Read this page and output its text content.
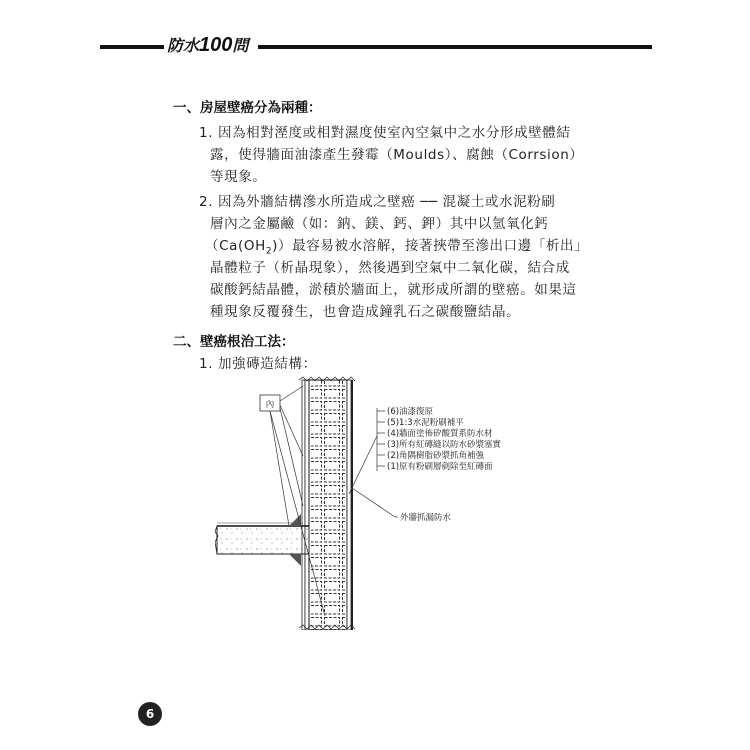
防水100問
一、房屋壁癌分為兩種：
1. 因為相對溼度或相對濕度使室內空氣中之水分形成壁體結
露，使得牆面油漆產生發霉（Moulds）、腐蝕（Corrsion）
等現象。
2. 因為外牆結構滲水所造成之壁癌 ── 混凝土或水泥粉刷
層內之金屬鹼（如：鈉、鎂、鈣、鉀）其中以氫氧化鈣
$(Ca(OH_2))$最容易被水溶解，接著挾帶至滲出口邊「析出」
晶體粒子（析晶現象），然後遇到空氣中二氧化碳，結合成
碳酸鈣結晶體，淤積於牆面上，就形成所謂的壁癌。如果這
種現象反覆發生，也會造成鐘乳石之碳酸鹽結晶。
二、壁癌根治工法：
1. 加強磚造結構：
內
(6)油漆復原
(5)1:3水泥粉刷補平
(4)牆面塗佈矽酸質系防水材
(3)所有紅磚縫以防水砂漿塞實
(2)角隅樹脂砂漿抓角補強
(1)原有粉刷層剷除至紅磚面
外牆抓漏防水
6
